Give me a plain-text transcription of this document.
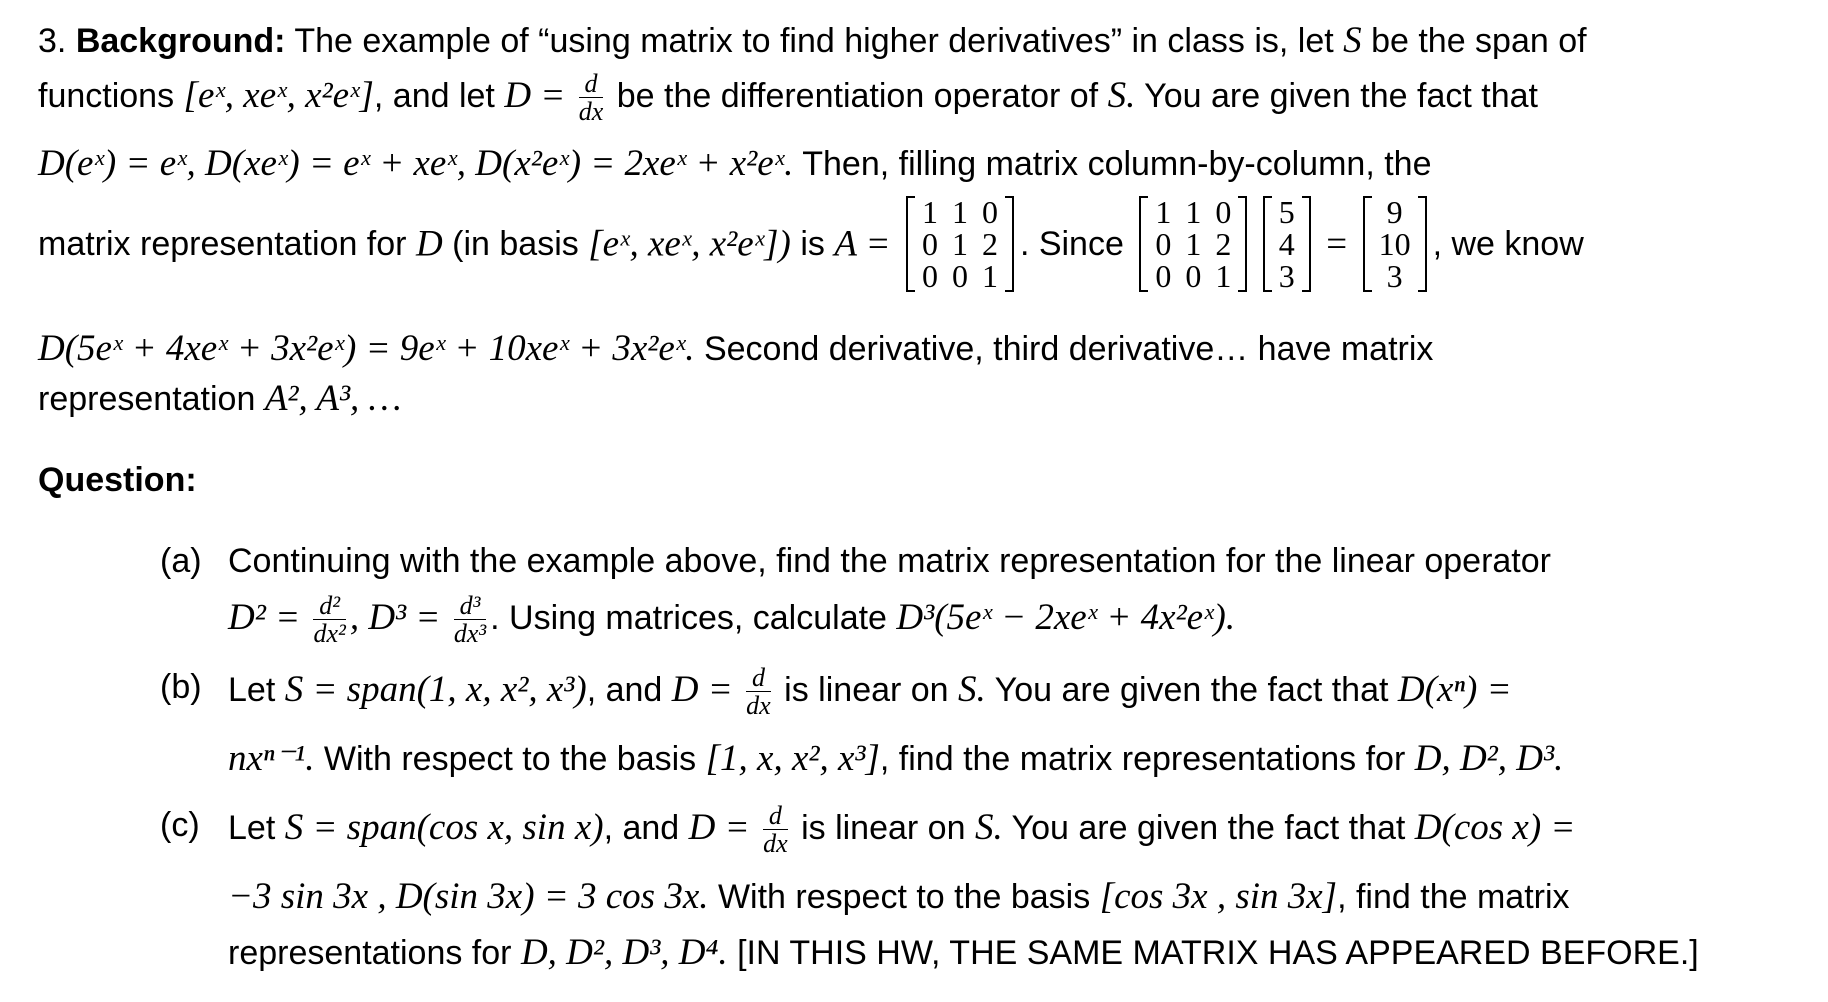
3. Background: The example of “using matrix to find higher derivatives” in class is, let S be the span of
functions [eˣ, xeˣ, x²eˣ], and let $D = \frac{d}{dx}$ be the differentiation operator of S. You are given the fact that
D(eˣ) = eˣ, D(xeˣ) = eˣ + xeˣ, D(x²eˣ) = 2xeˣ + x²eˣ. Then, filling matrix column-by-column, the
matrix representation for D (in basis [eˣ, xeˣ, x²eˣ]) is A =
1	1	0
0	1	2
0	0	1
. Since
1	1	0
0	1	2
0	0	1

5
4
3
=
9
10
3
, we know
D(5eˣ + 4xeˣ + 3x²eˣ) = 9eˣ + 10xeˣ + 3x²eˣ. Second derivative, third derivative… have matrix
representation A², A³, …
Question:
(a) Continuing with the example above, find the matrix representation for the linear operator
$D^2 = \frac{\text{d²}}{\text{dx²}}$ , $D^3 = \frac{\text{d³}}{\text{dx³}}$ . Using matrices, calculate D³(5eˣ − 2xeˣ + 4x²eˣ).
(b) Let S = span(1, x, x², x³), and $D = \frac{d}{dx}$ is linear on S. You are given the fact that D(xⁿ) =
nxⁿ⁻¹. With respect to the basis [1, x, x², x³], find the matrix representations for D, D², D³.
(c) Let S = span(cos x, sin x), and $D = \frac{d}{dx}$ is linear on S. You are given the fact that D(cos x) =
−3 sin 3x , D(sin 3x) = 3 cos 3x. With respect to the basis [cos 3x , sin 3x], find the matrix
representations for D, D², D³, D⁴. [IN THIS HW, THE SAME MATRIX HAS APPEARED BEFORE.]
